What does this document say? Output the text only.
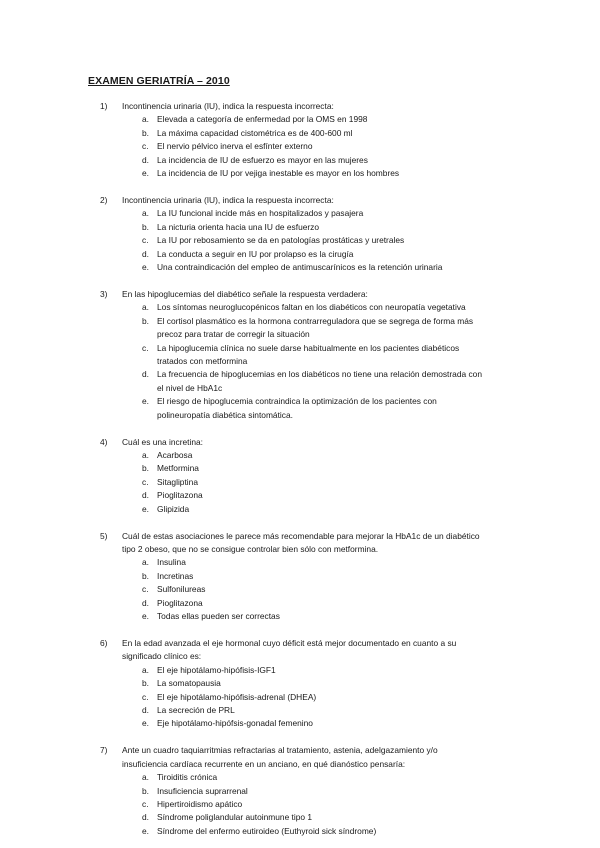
EXAMEN GERIATRÍA – 2010
1)	Incontinencia urinaria (IU), indica la respuesta incorrecta:
a. Elevada a categoría de enfermedad por la OMS en 1998
b. La máxima capacidad cistométrica es de 400-600 ml
c.	El nervio pélvico inerva el esfínter externo
d. La incidencia de IU de esfuerzo es mayor en las mujeres
e. La incidencia de IU por vejiga inestable es mayor en los hombres
2)	Incontinencia urinaria (IU), indica la respuesta incorrecta:
a. La IU funcional incide más en hospitalizados y pasajera
b. La nicturia orienta hacia una IU de esfuerzo
c.	La IU por rebosamiento se da en patologías prostáticas y uretrales
d. La conducta a seguir en IU por prolapso es la cirugía
e. Una contraindicación del empleo de antimuscarínicos es la retención urinaria
3)	En las hipoglucemias del diabético señale la respuesta verdadera:
a. Los síntomas neuroglucopénicos faltan en los diabéticos con neuropatía vegetativa
b. El cortisol plasmático es la hormona contrarreguladora que se segrega de forma más
precoz para tratar de corregir la situación
c.	La hipoglucemia clínica no suele darse habitualmente en los pacientes diabéticos
tratados con metformina
d. La frecuencia de hipoglucemias en los diabéticos no tiene una relación demostrada con
el nivel de HbA1c
e. El riesgo de hipoglucemia contraindica la optimización de los pacientes con
polineuropatía diabética sintomática.
4)	Cuál es una incretina:
a. Acarbosa
b. Metformina
c.	Sitagliptina
d. Pioglitazona
e. Glipizida
5)	Cuál de estas asociaciones le parece más recomendable para mejorar la HbA1c de un diabético
tipo 2 obeso, que no se consigue controlar bien sólo con metformina.
a. Insulina
b. Incretinas
c.	Sulfonilureas
d. Pioglitazona
e. Todas ellas pueden ser correctas
6)	En la edad avanzada el eje hormonal cuyo déficit está mejor documentado en cuanto a su
significado clínico es:
a. El eje hipotálamo-hipófisis-IGF1
b. La somatopausia
c.	El eje hipotálamo-hipófisis-adrenal (DHEA)
d. La secreción de PRL
e. Eje hipotálamo-hipófsis-gonadal femenino
7)	Ante un cuadro taquiarritmias refractarias al tratamiento, astenia, adelgazamiento y/o
insuficiencia cardíaca recurrente en un anciano, en qué dianóstico pensaría:
a. Tiroiditis crónica
b. Insuficiencia suprarrenal
c.	Hipertiroidismo apático
d. Síndrome poliglandular autoinmune tipo 1
e. Síndrome del enfermo eutiroideo (Euthyroid sick síndrome)
